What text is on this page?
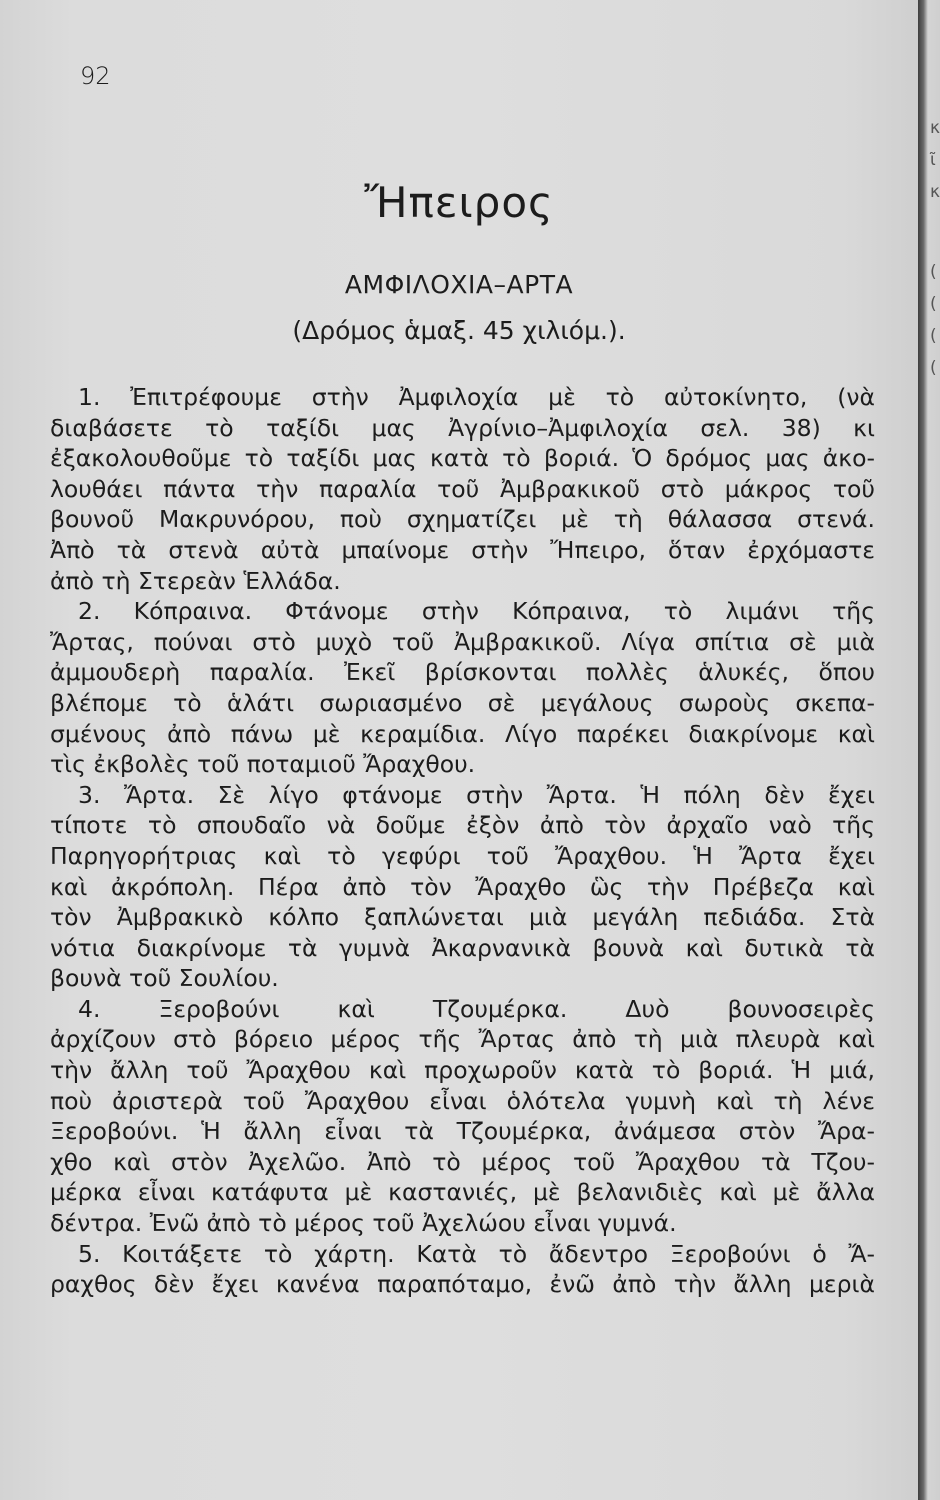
κ
ῖ
κ
(
(
(
(
92
Ἤπειρος
ΑΜΦΙΛΟΧΙΑ–ΑΡΤΑ
(Δρόμος ἁμαξ. 45 χιλιόμ.).
1. Ἐπιτρέφουμε στὴν Ἀμφιλοχία μὲ τὸ αὐτοκίνητο, (νὰ
διαβάσετε τὸ ταξίδι μας Ἀγρίνιο–Ἀμφιλοχία σελ. 38) κι
ἐξακολουθοῦμε τὸ ταξίδι μας κατὰ τὸ βοριά. Ὁ δρόμος μας ἀκο-
λουθάει πάντα τὴν παραλία τοῦ Ἀμβρακικοῦ στὸ μάκρος τοῦ
βουνοῦ Μακρυνόρου, ποὺ σχηματίζει μὲ τὴ θάλασσα στενά.
Ἀπὸ τὰ στενὰ αὐτὰ μπαίνομε στὴν Ἤπειρο, ὅταν ἐρχόμαστε
ἀπὸ τὴ Στερεὰν Ἑλλάδα.
2. Κόπραινα. Φτάνομε στὴν Κόπραινα, τὸ λιμάνι τῆς
Ἄρτας, πούναι στὸ μυχὸ τοῦ Ἀμβρακικοῦ. Λίγα σπίτια σὲ μιὰ
ἀμμουδερὴ παραλία. Ἐκεῖ βρίσκονται πολλὲς ἁλυκές, ὅπου
βλέπομε τὸ ἁλάτι σωριασμένο σὲ μεγάλους σωροὺς σκεπα-
σμένους ἀπὸ πάνω μὲ κεραμίδια. Λίγο παρέκει διακρίνομε καὶ
τὶς ἐκβολὲς τοῦ ποταμιοῦ Ἄραχθου.
3. Ἄρτα. Σὲ λίγο φτάνομε στὴν Ἄρτα. Ἡ πόλη δὲν ἔχει
τίποτε τὸ σπουδαῖο νὰ δοῦμε ἐξὸν ἀπὸ τὸν ἀρχαῖο ναὸ τῆς
Παρηγορήτριας καὶ τὸ γεφύρι τοῦ Ἄραχθου. Ἡ Ἄρτα ἔχει
καὶ ἀκρόπολη. Πέρα ἀπὸ τὸν Ἄραχθο ὣς τὴν Πρέβεζα καὶ
τὸν Ἀμβρακικὸ κόλπο ξαπλώνεται μιὰ μεγάλη πεδιάδα. Στὰ
νότια διακρίνομε τὰ γυμνὰ Ἀκαρνανικὰ βουνὰ καὶ δυτικὰ τὰ
βουνὰ τοῦ Σουλίου.
4. Ξεροβούνι καὶ Τζουμέρκα. Δυὸ βουνοσειρὲς
ἀρχίζουν στὸ βόρειο μέρος τῆς Ἄρτας ἀπὸ τὴ μιὰ πλευρὰ καὶ
τὴν ἄλλη τοῦ Ἄραχθου καὶ προχωροῦν κατὰ τὸ βοριά. Ἡ μιά,
ποὺ ἀριστερὰ τοῦ Ἄραχθου εἶναι ὁλότελα γυμνὴ καὶ τὴ λένε
Ξεροβούνι. Ἡ ἄλλη εἶναι τὰ Τζουμέρκα, ἀνάμεσα στὸν Ἄρα-
χθο καὶ στὸν Ἀχελῶο. Ἀπὸ τὸ μέρος τοῦ Ἄραχθου τὰ Τζου-
μέρκα εἶναι κατάφυτα μὲ καστανιές, μὲ βελανιδιὲς καὶ μὲ ἄλλα
δέντρα. Ἐνῶ ἀπὸ τὸ μέρος τοῦ Ἀχελώου εἶναι γυμνά.
5. Κοιτάξετε τὸ χάρτη. Κατὰ τὸ ἄδεντρο Ξεροβούνι ὁ Ἄ-
ραχθος δὲν ἔχει κανένα παραπόταμο, ἐνῶ ἀπὸ τὴν ἄλλη μεριὰ
